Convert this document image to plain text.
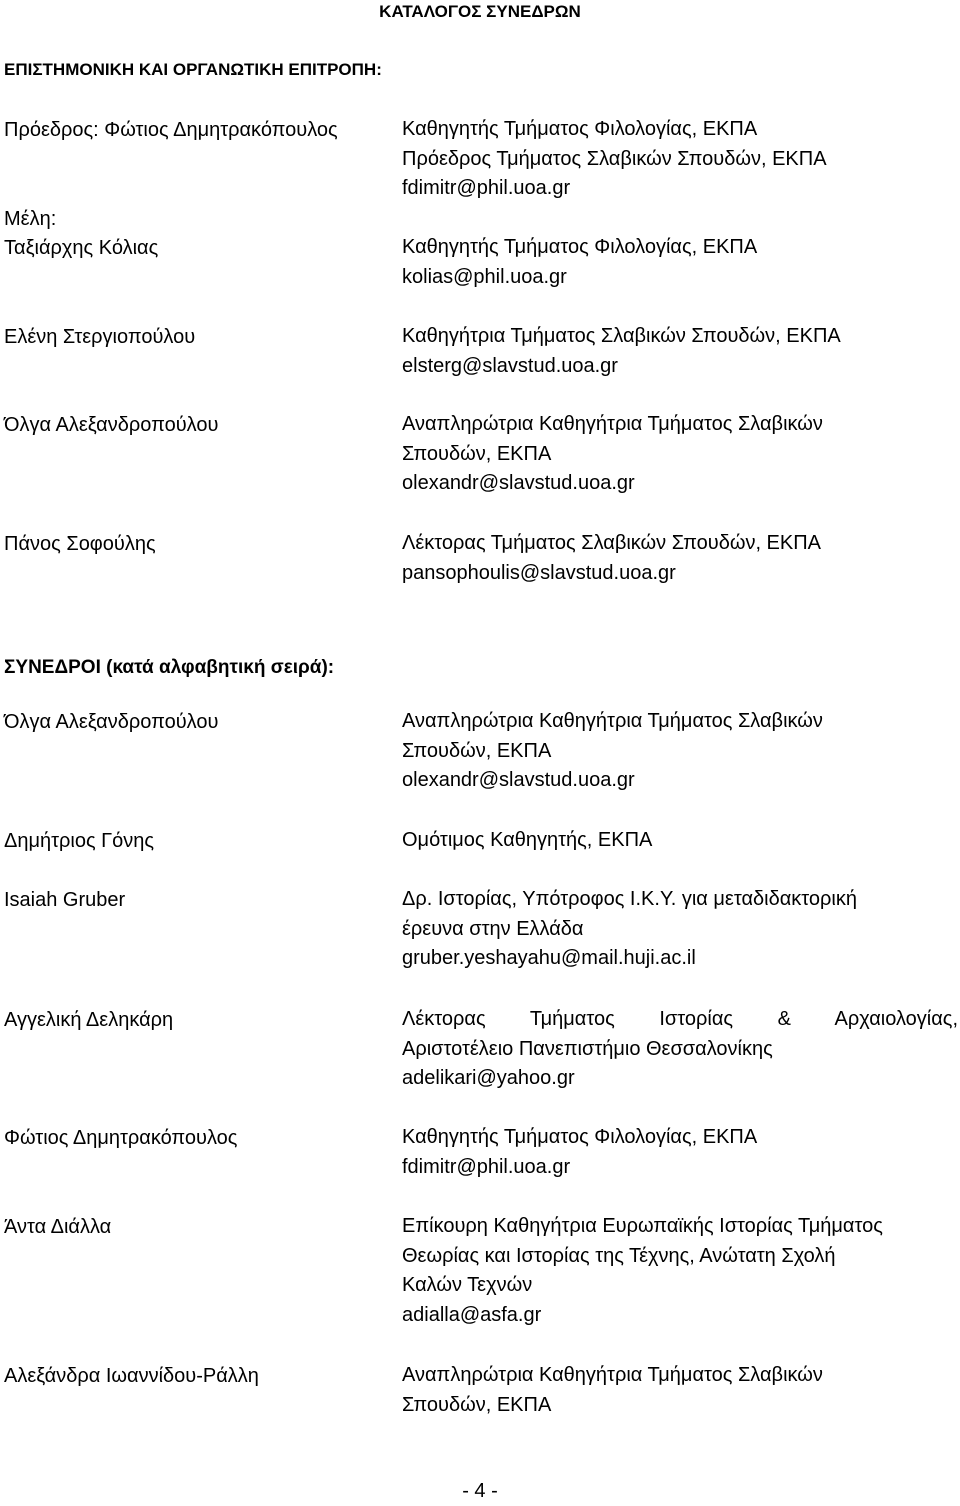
ΚΑΤΑΛΟΓΟΣ ΣΥΝΕΔΡΩΝ
ΕΠΙΣΤΗΜΟΝΙΚΗ ΚΑΙ ΟΡΓΑΝΩΤΙΚΗ ΕΠΙΤΡΟΠΗ:
Πρόεδρος: Φώτιος Δημητρακόπουλος	Καθηγητής Τμήματος Φιλολογίας, ΕΚΠΑ
Πρόεδρος Τμήματος Σλαβικών Σπουδών, ΕΚΠΑ
fdimitr@phil.uoa.gr
Μέλη:
Ταξιάρχης Κόλιας	Καθηγητής Τμήματος Φιλολογίας, ΕΚΠΑ
kolias@phil.uoa.gr
Ελένη Στεργιοπούλου	Καθηγήτρια Τμήματος Σλαβικών Σπουδών, ΕΚΠΑ
elsterg@slavstud.uoa.gr
Όλγα Αλεξανδροπούλου	Αναπληρώτρια Καθηγήτρια Τμήματος Σλαβικών
Σπουδών, ΕΚΠΑ
olexandr@slavstud.uoa.gr
Πάνος Σοφούλης	Λέκτορας Τμήματος Σλαβικών Σπουδών, ΕΚΠΑ
pansophoulis@slavstud.uoa.gr
ΣΥΝΕΔΡΟΙ (κατά αλφαβητική σειρά):
Όλγα Αλεξανδροπούλου	Αναπληρώτρια Καθηγήτρια Τμήματος Σλαβικών
Σπουδών, ΕΚΠΑ
olexandr@slavstud.uoa.gr
Δημήτριος Γόνης	Ομότιμος Καθηγητής, ΕΚΠΑ
Isaiah Gruber	Δρ. Ιστορίας, Υπότροφος Ι.Κ.Υ. για μεταδιδακτορική
έρευνα στην Ελλάδα
gruber.yeshayahu@mail.huji.ac.il
Αγγελική Δεληκάρη	Λέκτορας Τμήματος Ιστορίας & Αρχαιολογίας,
Αριστοτέλειο Πανεπιστήμιο Θεσσαλονίκης
adelikari@yahoo.gr
Φώτιος Δημητρακόπουλος	Καθηγητής Τμήματος Φιλολογίας, ΕΚΠΑ
fdimitr@phil.uoa.gr
Άντα Διάλλα	Επίκουρη Καθηγήτρια Ευρωπαϊκής Ιστορίας Τμήματος
Θεωρίας και Ιστορίας της Τέχνης, Ανώτατη Σχολή
Καλών Τεχνών
adialla@asfa.gr
Αλεξάνδρα Ιωαννίδου-Ράλλη	Αναπληρώτρια Καθηγήτρια Τμήματος Σλαβικών
Σπουδών, ΕΚΠΑ
- 4 -
